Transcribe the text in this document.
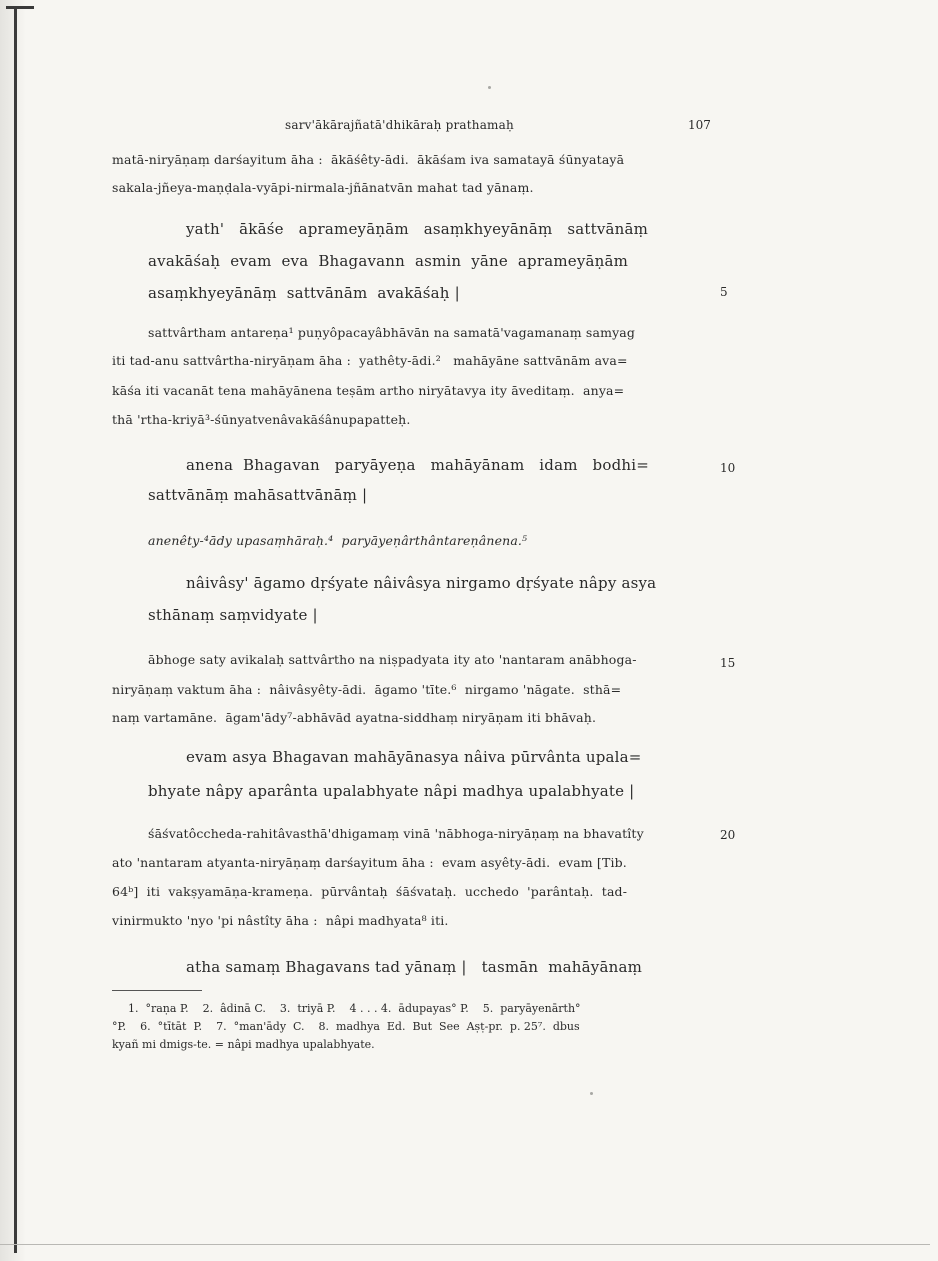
sarv'ākārajñatā'dhikāraḥ prathamaḥ	107
5
10
15
20
matā-niryāṇaṃ darśayitum āha :  ākāśêty-ādi.  ākāśam iva samatayā śūnyatayā
sakala-jñeya-maṇḍala-vyāpi-nirmala-jñānatvān mahat tad yānaṃ.
yath'   ākāśe   aprameyāṇām   asaṃkhyeyānāṃ   sattvānāṃ
avakāśaḥ  evam  eva  Bhagavann  asmin  yāne  aprameyāṇām
asaṃkhyeyānāṃ  sattvānām  avakāśaḥ |
sattvârtham antareṇa¹ puṇyôpacayâbhāvān na samatā'vagamanaṃ samyag
iti tad-anu sattvârtha-niryāṇam āha :  yathêty-ādi.²   mahāyāne sattvānām ava=
kāśa iti vacanāt tena mahāyānena teṣām artho niryātavya ity āveditaṃ.  anya=
thā 'rtha-kriyā³-śūnyatvenâvakāśânupapatteḥ.
anena  Bhagavan   paryāyeṇa   mahāyānam   idam   bodhi=
sattvānāṃ mahāsattvānāṃ |
anenêty-⁴ādy upasaṃhāraḥ.⁴  paryāyeṇârthântareṇânena.⁵
nâivâsy' āgamo dṛśyate nâivâsya nirgamo dṛśyate nâpy asya
sthānaṃ saṃvidyate |
ābhoge saty avikalaḥ sattvârtho na niṣpadyata ity ato 'nantaram anābhoga-
niryāṇaṃ vaktum āha :  nâivâsyêty-ādi.  āgamo 'tīte.⁶  nirgamo 'nāgate.  sthā=
naṃ vartamāne.  āgam'ādy⁷-abhāvād ayatna-siddhaṃ niryāṇam iti bhāvaḥ.
evam asya Bhagavan mahāyānasya nâiva pūrvânta upala=
bhyate nâpy aparânta upalabhyate nâpi madhya upalabhyate |
śāśvatôccheda-rahitâvasthā'dhigamaṃ vinā 'nābhoga-niryāṇaṃ na bhavatîty
ato 'nantaram atyanta-niryāṇaṃ darśayitum āha :  evam asyêty-ādi.  evam [Tib.
64ᵇ]  iti  vakṣyamāṇa-krameṇa.  pūrvântaḥ  śāśvataḥ.  ucchedo  'parântaḥ.  tad-
vinirmukto 'nyo 'pi nâstîty āha :  nâpi madhyata⁸ iti.
atha samaṃ Bhagavans tad yānaṃ |   tasmān  mahāyānaṃ
1.  °raṇa P.    2.  âdinā C.    3.  triyā P.    4 . . . 4.  ādupayas° P.    5.  paryāyenārth°
°P.    6.  °tītāt  P.    7.  °man'ādy  C.    8.  madhya  Ed.  But  See  Aṣṭ-pr.  p. 25⁷.  dbus
kyañ mi dmigs-te. = nâpi madhya upalabhyate.
